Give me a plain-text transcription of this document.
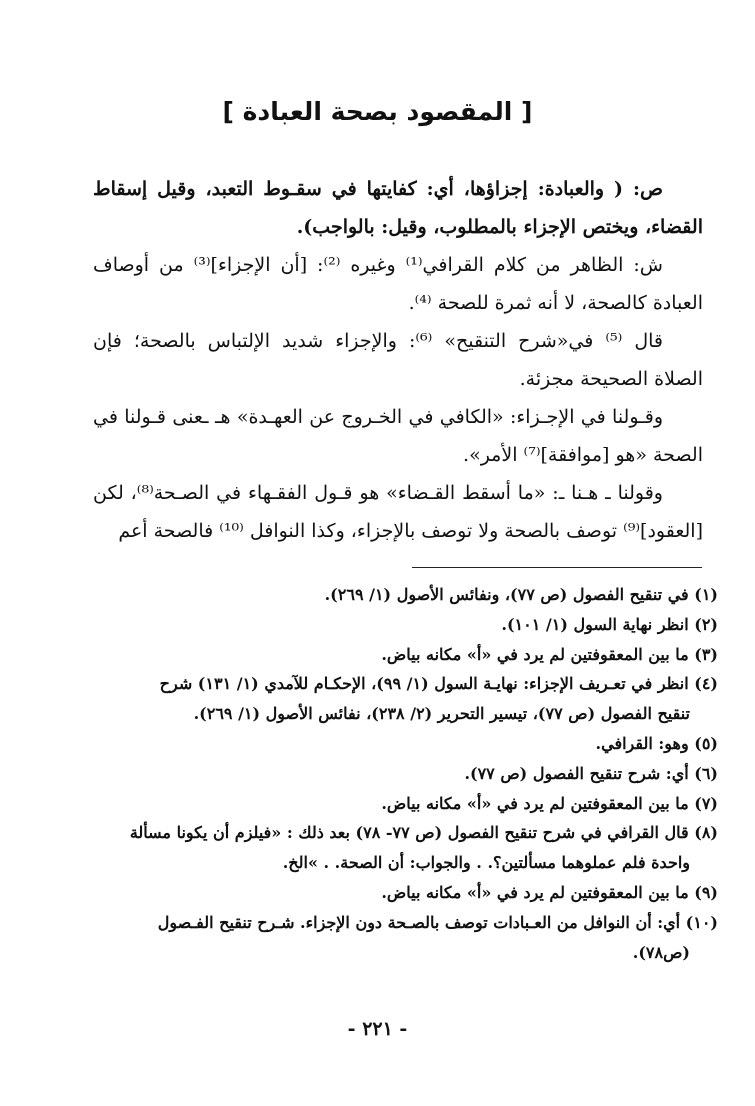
[ المقصود بصحة العبادة ]

ص: ( والعبادة: إجزاؤها، أي: كفايتها في سقـوط التعبد، وقيل إسقاط القضاء، ويختص الإجزاء بالمطلوب، وقيل: بالواجب).

ش: الظاهر من كلام القرافي⁽¹⁾ وغيره ⁽²⁾: [أن الإجزاء]⁽³⁾ من أوصاف العبادة كالصحة، لا أنه ثمرة للصحة ⁽⁴⁾.

قال ⁽⁵⁾ في«شرح التنقيح» ⁽⁶⁾: والإجزاء شديد الإلتباس بالصحة؛ فإن الصلاة الصحيحة مجزئة.

وقـولنا في الإجـزاء: «الكافي في الخـروج عن العهـدة» هـ ـعنى قـولنا في الصحة «هو [موافقة]⁽⁷⁾ الأمر».

وقولنا ـ هـنا ـ: «ما أسقط القـضاء» هو قـول الفقـهاء في الصـحة⁽⁸⁾، لكن [العقود]⁽⁹⁾ توصف بالصحة ولا توصف بالإجزاء، وكذا النوافل ⁽¹⁰⁾ فالصحة أعم

(١) في تنقيح الفصول (ص ٧٧)، ونفائس الأصول (١/ ٢٦٩).

(٢) انظر نهاية السول (١/ ١٠١).

(٣) ما بين المعقوفتين لم يرد في «أ» مكانه بياض.

(٤) انظر في تعـريف الإجزاء: نهايـة السول (١/ ٩٩)، الإحكـام للآمدي (١/ ١٣١) شرح

تنقيح الفصول (ص ٧٧)، تيسير التحرير (٢/ ٢٣٨)، نفائس الأصول (١/ ٢٦٩).

(٥) وهو: القرافي.

(٦) أي: شرح تنقيح الفصول (ص ٧٧).

(٧) ما بين المعقوفتين لم يرد في «أ» مكانه بياض.

(٨) قال القرافي في شرح تنقيح الفصول (ص ٧٧- ٧٨) بعد ذلك : «فيلزم أن يكونا مسألة

واحدة فلم عملوهما مسألتين؟. . والجواب: أن الصحة. . »الخ.

(٩) ما بين المعقوفتين لم يرد في «أ» مكانه بياض.

(١٠) أي: أن النوافل من العـبادات توصف بالصـحة دون الإجزاء. شـرح تنقيح الفـصول

(ص٧٨).

- ٢٢١ -
